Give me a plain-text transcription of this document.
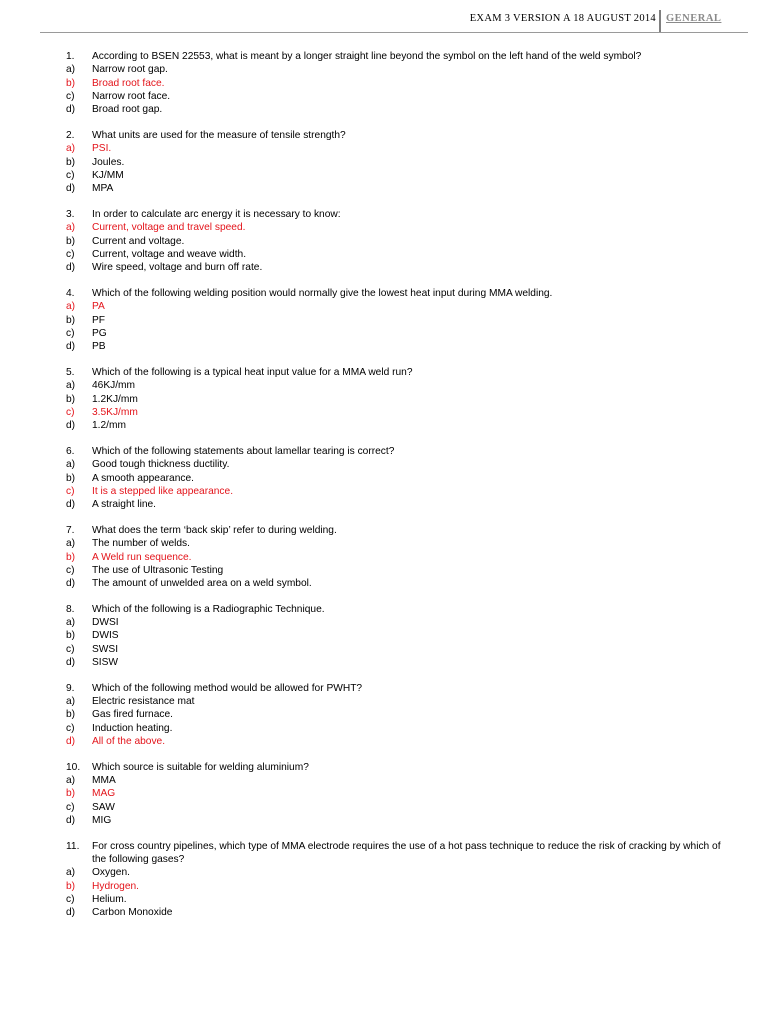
EXAM 3 VERSION A 18 AUGUST 2014 GENERAL
1.	According to BSEN 22553, what is meant by a longer straight line beyond the symbol on the left hand of the weld symbol?
a)	Narrow root gap.
b)	Broad root face.
c)	Narrow root face.
d)	Broad root gap.
2.	What units are used for the measure of tensile strength?
a)	PSI.
b)	Joules.
c)	KJ/MM
d)	MPA
3.	In order to calculate arc energy it is necessary to know:
a)	Current, voltage and travel speed.
b)	Current and voltage.
c)	Current, voltage and weave width.
d)	Wire speed, voltage and burn off rate.
4.	Which of the following welding position would normally give the lowest heat input during MMA welding.
a)	PA
b)	PF
c)	PG
d)	PB
5.	Which of the following is a typical heat input value for a MMA weld run?
a)	46KJ/mm
b)	1.2KJ/mm
c)	3.5KJ/mm
d)	1.2/mm
6.	Which of the following statements about lamellar tearing is correct?
a)	Good tough thickness ductility.
b)	A smooth appearance.
c)	It is a stepped like appearance.
d)	A straight line.
7.	What does the term ‘back skip’ refer to during welding.
a)	The number of welds.
b)	A Weld run sequence.
c)	The use of Ultrasonic Testing
d)	The amount of unwelded area on a weld symbol.
8.	Which of the following is a Radiographic Technique.
a)	DWSI
b)	DWIS
c)	SWSI
d)	SISW
9.	Which of the following method would be allowed for PWHT?
a)	Electric resistance mat
b)	Gas fired furnace.
c)	Induction heating.
d)	All of the above.
10.	Which source is suitable for welding aluminium?
a)	MMA
b)	MAG
c)	SAW
d)	MIG
11.	For cross country pipelines, which type of MMA electrode requires the use of a hot pass technique to reduce the risk of cracking by which of the following gases?
a)	Oxygen.
b)	Hydrogen.
c)	Helium.
d)	Carbon Monoxide
